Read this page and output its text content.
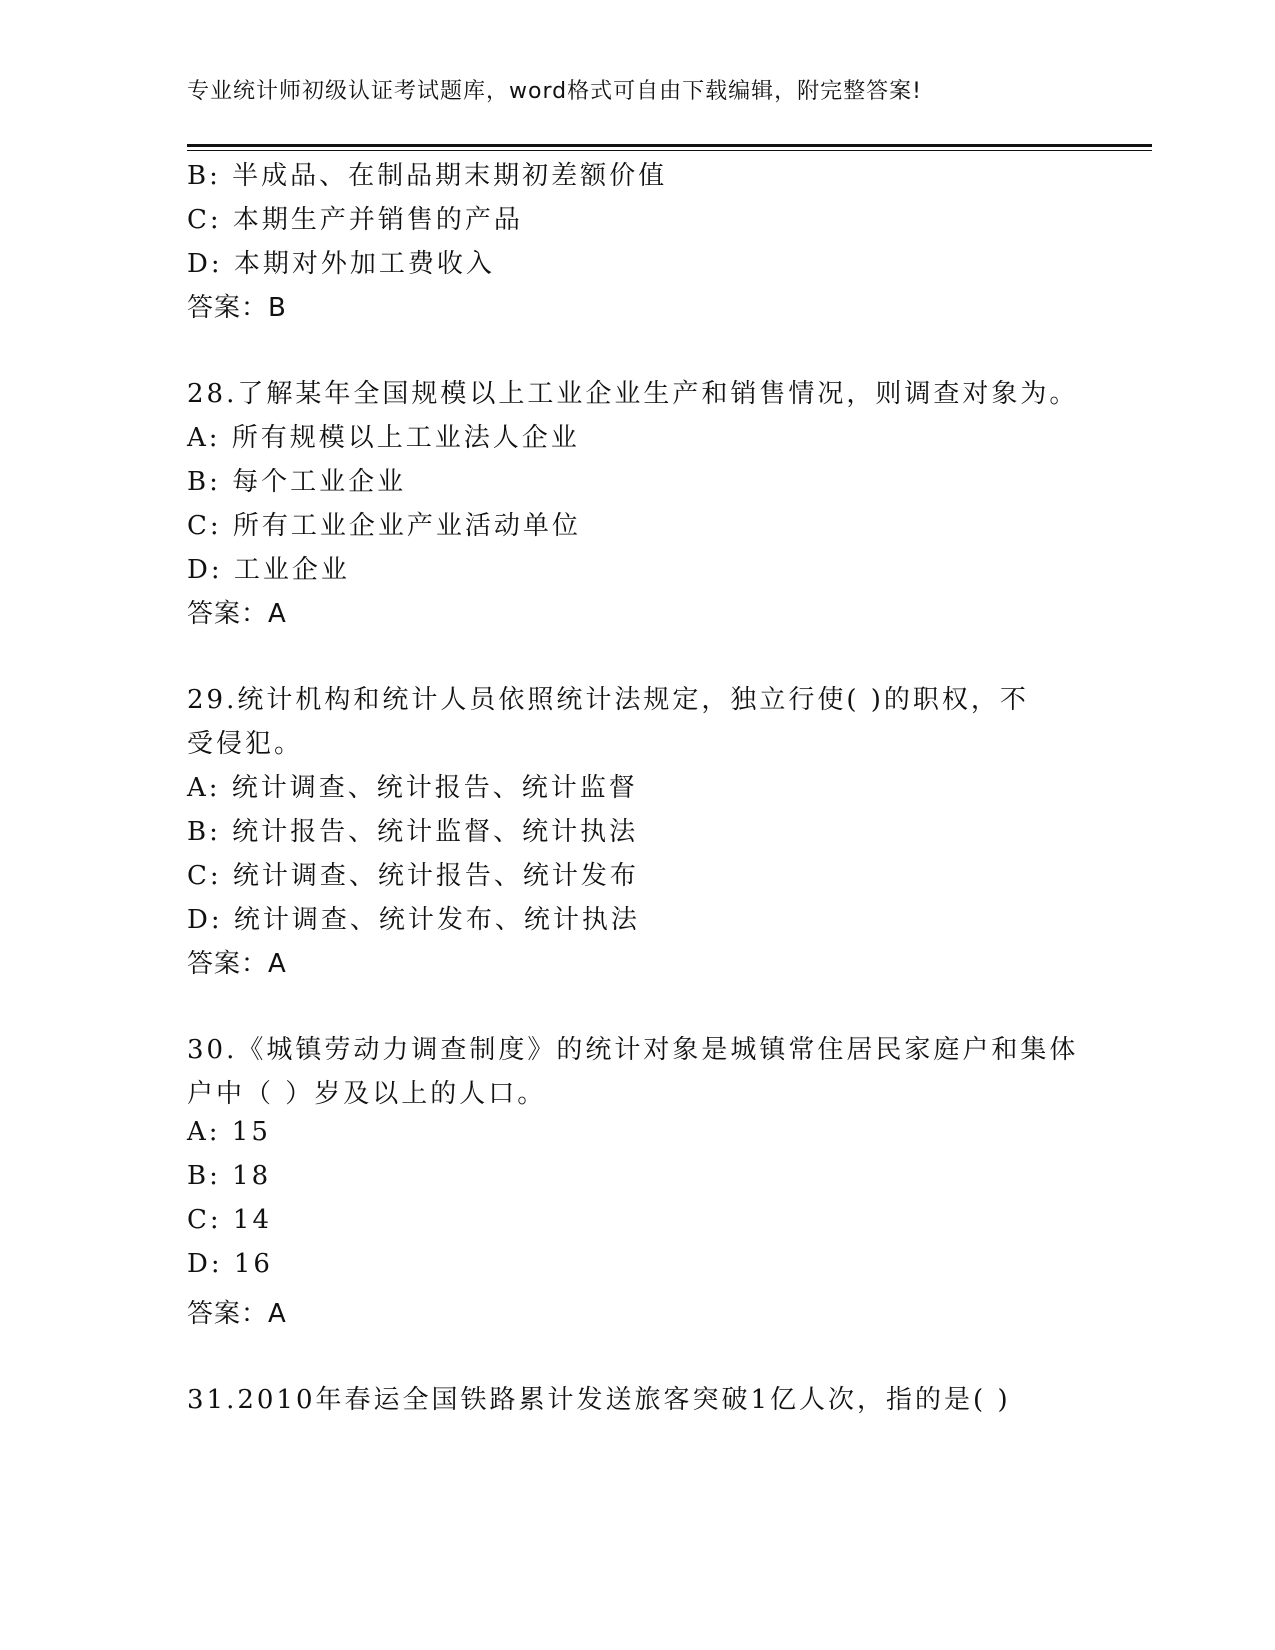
专业统计师初级认证考试题库，word格式可自由下载编辑，附完整答案!
B: 半成品、在制品期末期初差额价值
C: 本期生产并销售的产品
D: 本期对外加工费收入
答案：B
28.了解某年全国规模以上工业企业生产和销售情况，则调查对象为。
A: 所有规模以上工业法人企业
B: 每个工业企业
C: 所有工业企业产业活动单位
D: 工业企业
答案：A
29.统计机构和统计人员依照统计法规定，独立行使( )的职权，不
受侵犯。
A: 统计调查、统计报告、统计监督
B: 统计报告、统计监督、统计执法
C: 统计调查、统计报告、统计发布
D: 统计调查、统计发布、统计执法
答案：A
30.《城镇劳动力调查制度》的统计对象是城镇常住居民家庭户和集体
户中（ ）岁及以上的人口。
A: 15
B: 18
C: 14
D: 16
答案：A
31.2010年春运全国铁路累计发送旅客突破1亿人次，指的是( )
